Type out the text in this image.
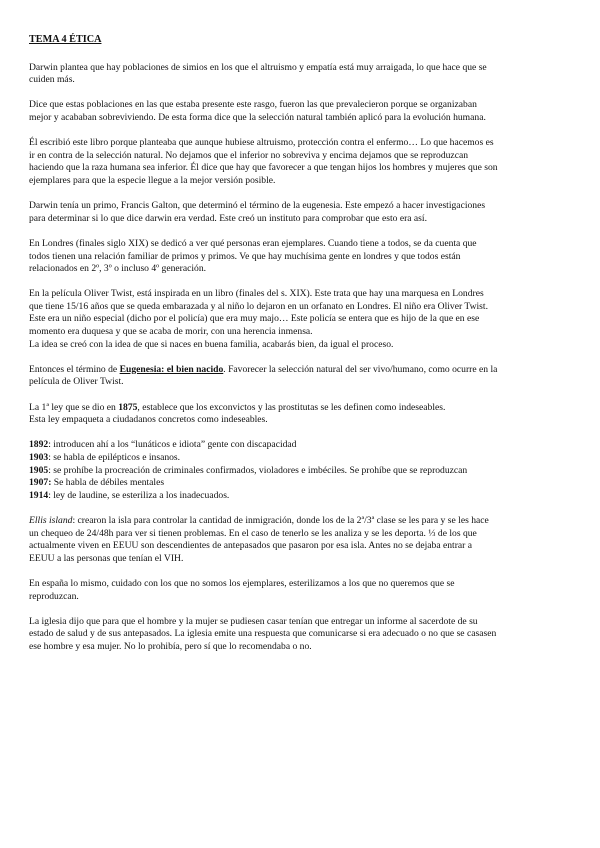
TEMA 4 ÉTICA

Darwin plantea que hay poblaciones de simios en los que el altruismo y empatía está muy arraigada, lo que hace que se
cuiden más.

Dice que estas poblaciones en las que estaba presente este rasgo, fueron las que prevalecieron porque se organizaban
mejor y acababan sobreviviendo. De esta forma dice que la selección natural también aplicó para la evolución humana.

Él escribió este libro porque planteaba que aunque hubiese altruismo, protección contra el enfermo… Lo que hacemos es
ir en contra de la selección natural. No dejamos que el inferior no sobreviva y encima dejamos que se reproduzcan
haciendo que la raza humana sea inferior. Él dice que hay que favorecer a que tengan hijos los hombres y mujeres que son
ejemplares para que la especie llegue a la mejor versión posible.

Darwin tenía un primo, Francis Galton, que determinó el término de la eugenesia. Este empezó a hacer investigaciones
para determinar si lo que dice darwin era verdad. Este creó un instituto para comprobar que esto era así.

En Londres (finales siglo XIX) se dedicó a ver qué personas eran ejemplares. Cuando tiene a todos, se da cuenta que
todos tienen una relación familiar de primos y primos. Ve que hay muchísima gente en londres y que todos están
relacionados en 2º, 3º o incluso 4º generación.

En la película Oliver Twist, está inspirada en un libro (finales del s. XIX). Este trata que hay una marquesa en Londres
que tiene 15/16 años que se queda embarazada y al niño lo dejaron en un orfanato en Londres. El niño era Oliver Twist.
Este era un niño especial (dicho por el policía) que era muy majo… Este policía se entera que es hijo de la que en ese
momento era duquesa y que se acaba de morir, con una herencia inmensa.
La idea se creó con la idea de que si naces en buena familia, acabarás bien, da igual el proceso.

Entonces el término de Eugenesia: el bien nacido. Favorecer la selección natural del ser vivo/humano, como ocurre en la
película de Oliver Twist.

La 1ª ley que se dio en 1875, establece que los exconvictos y las prostitutas se les definen como indeseables.
Esta ley empaqueta a ciudadanos concretos como indeseables.

1892: introducen ahí a los “lunáticos e idiota” gente con discapacidad
1903: se habla de epilépticos e insanos.
1905: se prohíbe la procreación de criminales confirmados, violadores e imbéciles. Se prohíbe que se reproduzcan
1907: Se habla de débiles mentales
1914: ley de laudine, se esteriliza a los inadecuados.

Ellis island: crearon la isla para controlar la cantidad de inmigración, donde los de la 2ª/3ª clase se les para y se les hace
un chequeo de 24/48h para ver si tienen problemas. En el caso de tenerlo se les analiza y se les deporta. ⅓ de los que
actualmente viven en EEUU son descendientes de antepasados que pasaron por esa isla. Antes no se dejaba entrar a
EEUU a las personas que tenían el VIH.

En españa lo mismo, cuidado con los que no somos los ejemplares, esterilizamos a los que no queremos que se
reproduzcan.

La iglesia dijo que para que el hombre y la mujer se pudiesen casar tenían que entregar un informe al sacerdote de su
estado de salud y de sus antepasados. La iglesia emite una respuesta que comunicarse si era adecuado o no que se casasen
ese hombre y esa mujer. No lo prohibía, pero sí que lo recomendaba o no.
